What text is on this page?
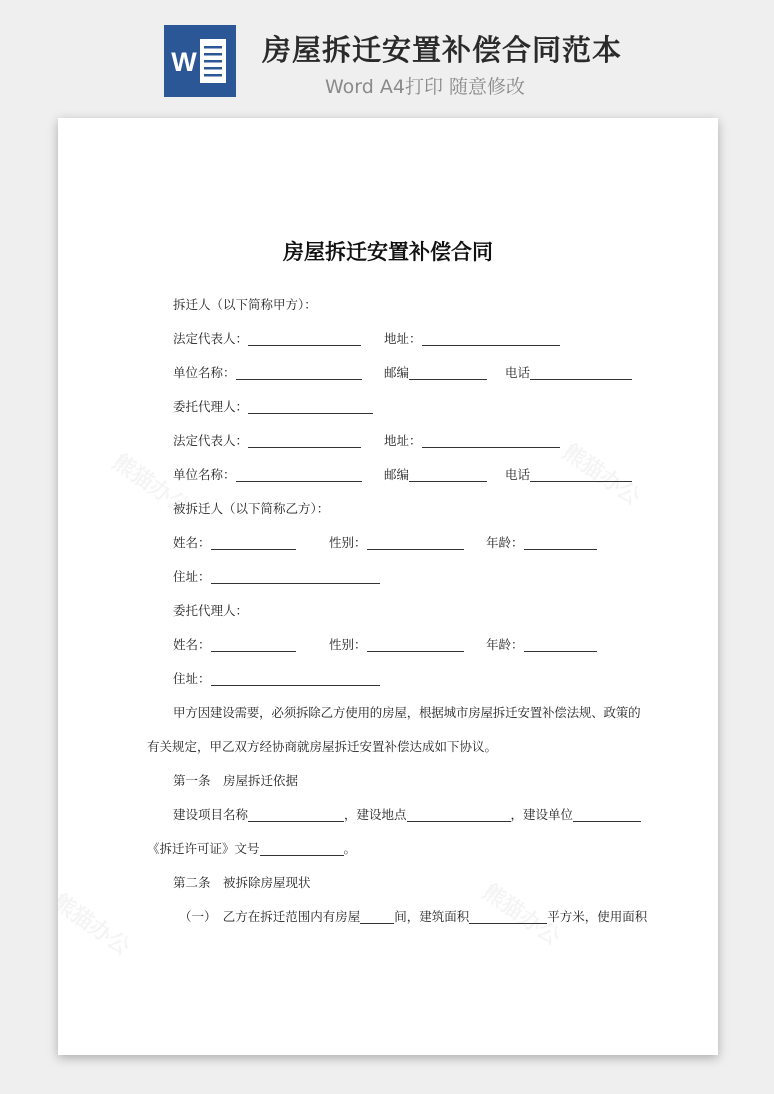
W 房屋拆迁安置补偿合同范本
Word A4打印 随意修改
房屋拆迁安置补偿合同
拆迁人（以下简称甲方）：
法定代表人：	地址：
单位名称：	邮编	电话
委托代理人：
法定代表人：	地址：
单位名称：	邮编	电话
被拆迁人（以下简称乙方）：
姓名：	性别：	年龄：
住址：
委托代理人：
姓名：	性别：	年龄：
住址：
甲方因建设需要，必须拆除乙方使用的房屋，根据城市房屋拆迁安置补偿法规、政策的
有关规定，甲乙双方经协商就房屋拆迁安置补偿达成如下协议。
第一条　房屋拆迁依据
建设项目名称	，建设地点	，建设单位
《拆迁许可证》文号	。
第二条　被拆除房屋现状
（一）　乙方在拆迁范围内有房屋	间，建筑面积	平方米，使用面积
